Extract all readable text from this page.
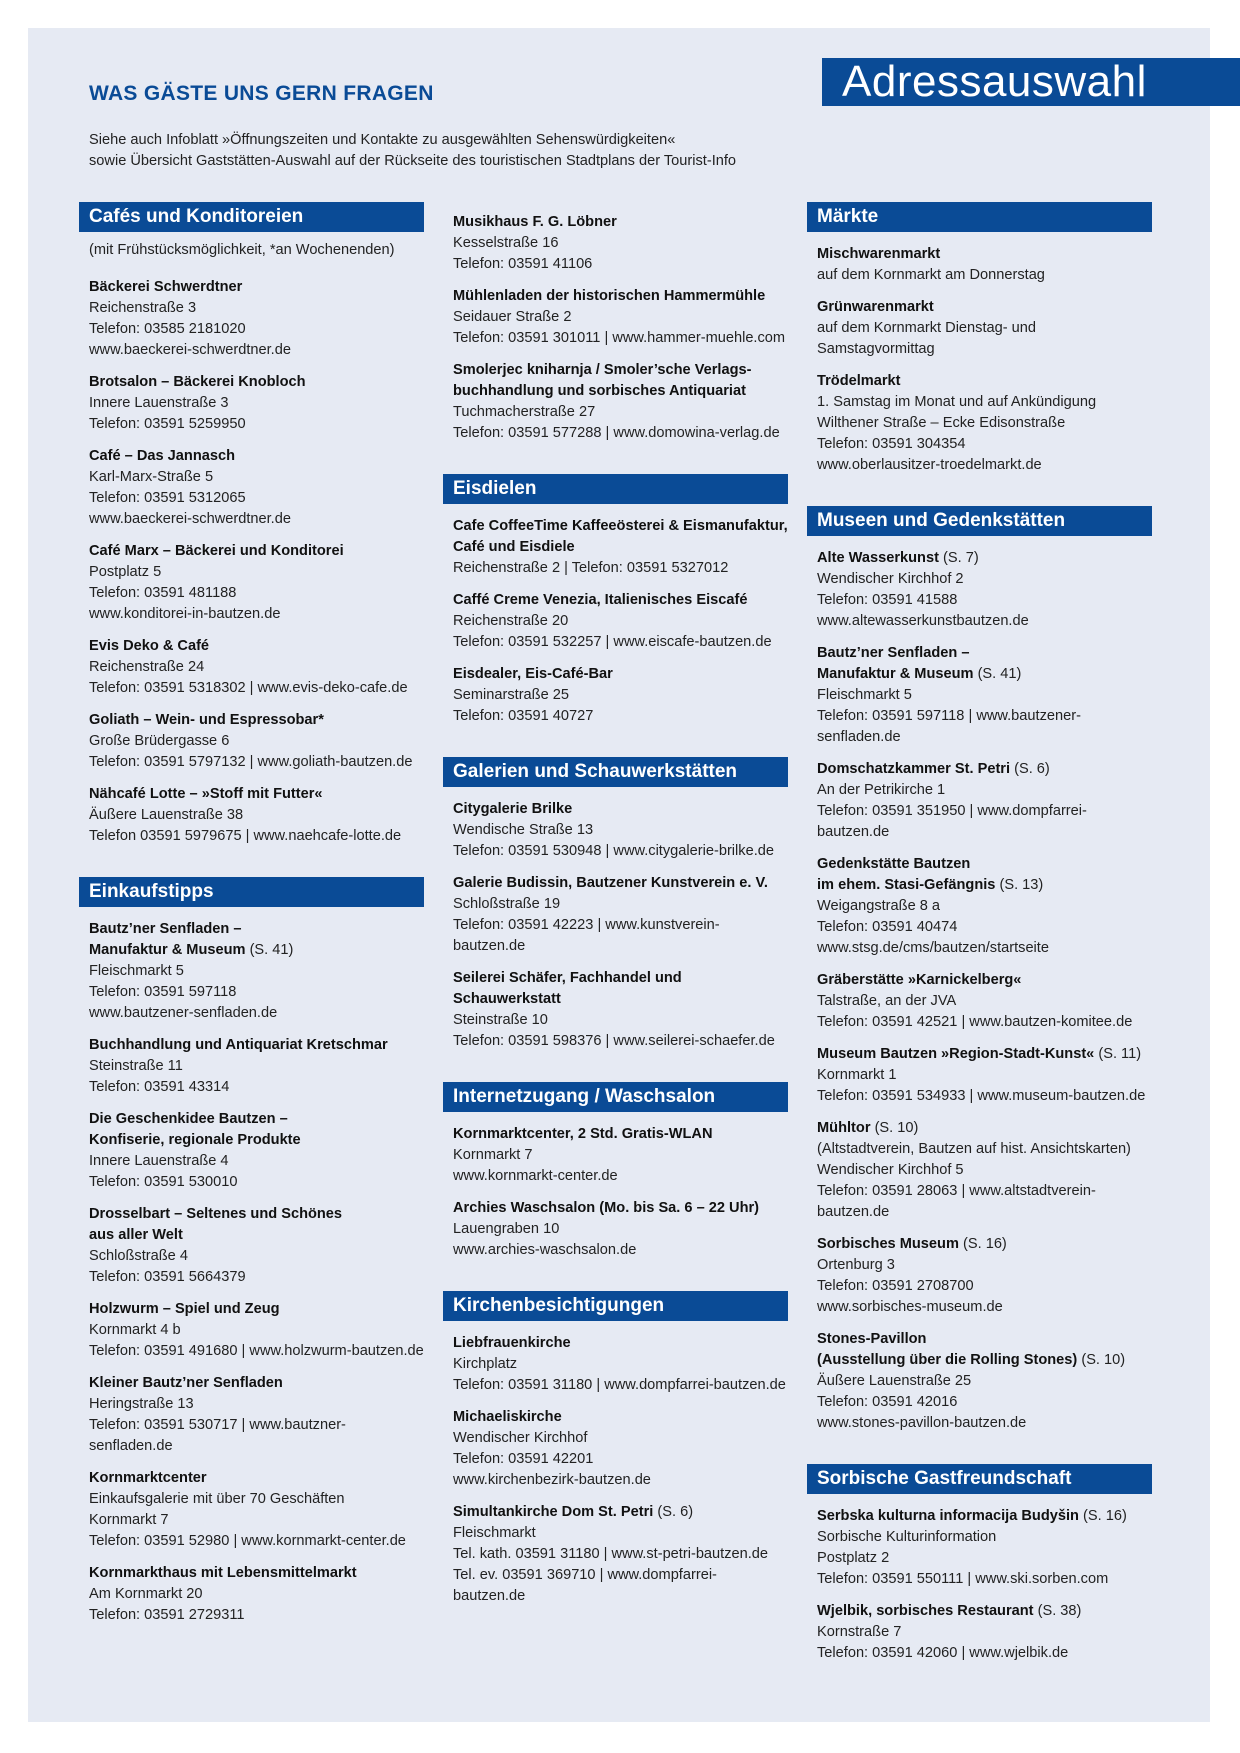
Adressauswahl
WAS GÄSTE UNS GERN FRAGEN

Siehe auch Infoblatt »Öffnungszeiten und Kontakte zu ausgewählten Sehenswürdigkeiten«
sowie Übersicht Gaststätten-Auswahl auf der Rückseite des touristischen Stadtplans der Tourist-Info

Cafés und Konditoreien
(mit Frühstücksmöglichkeit, *an Wochenenden)
Bäckerei Schwerdtner
Reichenstraße 3
Telefon: 03585 2181020
www.baeckerei-schwerdtner.de
Brotsalon – Bäckerei Knobloch
Innere Lauenstraße 3
Telefon: 03591 5259950
Café – Das Jannasch
Karl-Marx-Straße 5
Telefon: 03591 5312065
www.baeckerei-schwerdtner.de
Café Marx – Bäckerei und Konditorei
Postplatz 5
Telefon: 03591 481188
www.konditorei-in-bautzen.de
Evis Deko & Café
Reichenstraße 24
Telefon: 03591 5318302 | www.evis-deko-cafe.de
Goliath – Wein- und Espressobar*
Große Brüdergasse 6
Telefon: 03591 5797132 | www.goliath-bautzen.de
Nähcafé Lotte – »Stoff mit Futter«
Äußere Lauenstraße 38
Telefon 03591 5979675 | www.naehcafe-lotte.de
Einkaufstipps
Bautz’ner Senfladen –
Manufaktur & Museum (S. 41)
Fleischmarkt 5
Telefon: 03591 597118
www.bautzener-senfladen.de
Buchhandlung und Antiquariat Kretschmar
Steinstraße 11
Telefon: 03591 43314
Die Geschenkidee Bautzen –
Konfiserie, regionale Produkte
Innere Lauenstraße 4
Telefon: 03591 530010
Drosselbart – Seltenes und Schönes
aus aller Welt
Schloßstraße 4
Telefon: 03591 5664379
Holzwurm – Spiel und Zeug
Kornmarkt 4 b
Telefon: 03591 491680 | www.holzwurm-bautzen.de
Kleiner Bautz’ner Senfladen
Heringstraße 13
Telefon: 03591 530717 | www.bautzner-senfladen.de
Kornmarktcenter
Einkaufsgalerie mit über 70 Geschäften
Kornmarkt 7
Telefon: 03591 52980 | www.kornmarkt-center.de
Kornmarkthaus mit Lebensmittelmarkt
Am Kornmarkt 20
Telefon: 03591 2729311
Musikhaus F. G. Löbner
Kesselstraße 16
Telefon: 03591 41106
Mühlenladen der historischen Hammermühle
Seidauer Straße 2
Telefon: 03591 301011 | www.hammer-muehle.com
Smolerjec kniharnja / Smoler’sche Verlags-
buchhandlung und sorbisches Antiquariat
Tuchmacherstraße 27
Telefon: 03591 577288 | www.domowina-verlag.de
Eisdielen
Cafe CoffeeTime Kaffeeösterei & Eismanufaktur,
Café und Eisdiele
Reichenstraße 2 | Telefon: 03591 5327012
Caffé Creme Venezia, Italienisches Eiscafé
Reichenstraße 20
Telefon: 03591 532257 | www.eiscafe-bautzen.de
Eisdealer, Eis-Café-Bar
Seminarstraße 25
Telefon: 03591 40727
Galerien und Schauwerkstätten
Citygalerie Brilke
Wendische Straße 13
Telefon: 03591 530948 | www.citygalerie-brilke.de
Galerie Budissin, Bautzener Kunstverein e. V.
Schloßstraße 19
Telefon: 03591 42223 | www.kunstverein-bautzen.de
Seilerei Schäfer, Fachhandel und Schauwerkstatt
Steinstraße 10
Telefon: 03591 598376 | www.seilerei-schaefer.de
Internetzugang / Waschsalon
Kornmarktcenter, 2 Std. Gratis-WLAN
Kornmarkt 7
www.kornmarkt-center.de
Archies Waschsalon (Mo. bis Sa. 6 – 22 Uhr)
Lauengraben 10
www.archies-waschsalon.de
Kirchenbesichtigungen
Liebfrauenkirche
Kirchplatz
Telefon: 03591 31180 | www.dompfarrei-bautzen.de
Michaeliskirche
Wendischer Kirchhof
Telefon: 03591 42201
www.kirchenbezirk-bautzen.de
Simultankirche Dom St. Petri (S. 6)
Fleischmarkt
Tel. kath. 03591 31180 | www.st-petri-bautzen.de
Tel. ev. 03591 369710 | www.dompfarrei-bautzen.de
Märkte
Mischwarenmarkt
auf dem Kornmarkt am Donnerstag
Grünwarenmarkt
auf dem Kornmarkt Dienstag- und Samstagvormittag
Trödelmarkt
1. Samstag im Monat und auf Ankündigung
Wilthener Straße – Ecke Edisonstraße
Telefon: 03591 304354
www.oberlausitzer-troedelmarkt.de
Museen und Gedenkstätten
Alte Wasserkunst (S. 7)
Wendischer Kirchhof 2
Telefon: 03591 41588
www.altewasserkunstbautzen.de
Bautz’ner Senfladen –
Manufaktur & Museum (S. 41)
Fleischmarkt 5
Telefon: 03591 597118 | www.bautzener-senfladen.de
Domschatzkammer St. Petri (S. 6)
An der Petrikirche 1
Telefon: 03591 351950 | www.dompfarrei-bautzen.de
Gedenkstätte Bautzen
im ehem. Stasi-Gefängnis (S. 13)
Weigangstraße 8 a
Telefon: 03591 40474
www.stsg.de/cms/bautzen/startseite
Gräberstätte »Karnickelberg«
Talstraße, an der JVA
Telefon: 03591 42521 | www.bautzen-komitee.de
Museum Bautzen »Region-Stadt-Kunst« (S. 11)
Kornmarkt 1
Telefon: 03591 534933 | www.museum-bautzen.de
Mühltor (S. 10)
(Altstadtverein, Bautzen auf hist. Ansichtskarten)
Wendischer Kirchhof 5
Telefon: 03591 28063 | www.altstadtverein-bautzen.de
Sorbisches Museum (S. 16)
Ortenburg 3
Telefon: 03591 2708700
www.sorbisches-museum.de
Stones-Pavillon
(Ausstellung über die Rolling Stones) (S. 10)
Äußere Lauenstraße 25
Telefon: 03591 42016
www.stones-pavillon-bautzen.de
Sorbische Gastfreundschaft
Serbska kulturna informacija Budyšin (S. 16)
Sorbische Kulturinformation
Postplatz 2
Telefon: 03591 550111 | www.ski.sorben.com
Wjelbik, sorbisches Restaurant (S. 38)
Kornstraße 7
Telefon: 03591 42060 | www.wjelbik.de
